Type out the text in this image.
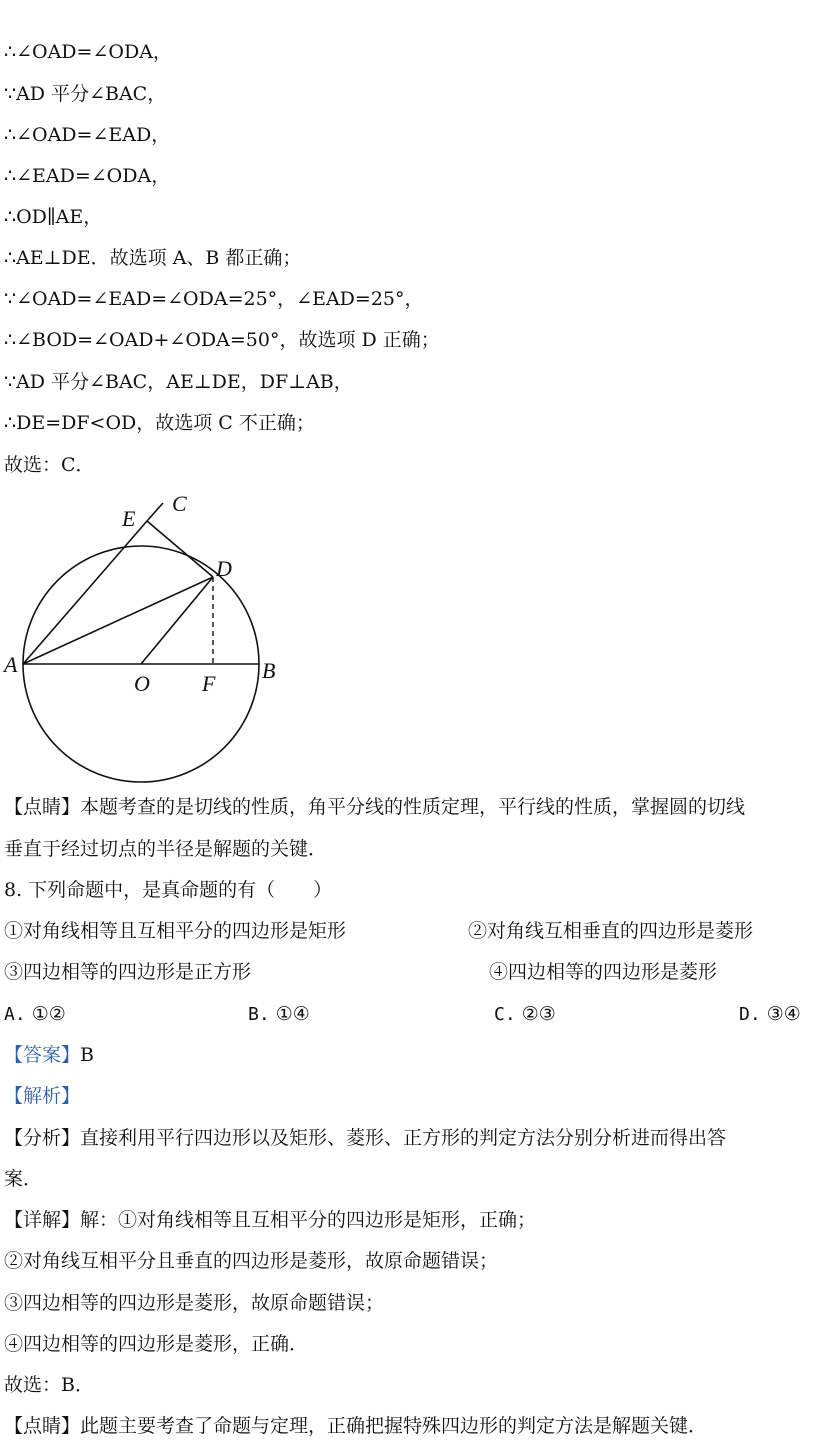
∴∠OAD=∠ODA，
∵AD 平分∠BAC，
∴∠OAD=∠EAD，
∴∠EAD=∠ODA，
∴OD∥AE，
∴AE⊥DE．故选项 A、B 都正确；
∵∠OAD=∠EAD=∠ODA=25°，∠EAD=25°，
∴∠BOD=∠OAD+∠ODA=50°，故选项 D 正确；
∵AD 平分∠BAC，AE⊥DE，DF⊥AB，
∴DE=DF<OD，故选项 C 不正确；
故选：C．
A	B
C
D
E
F
O
【点睛】本题考查的是切线的性质，角平分线的性质定理，平行线的性质，掌握圆的切线
垂直于经过切点的半径是解题的关键．
8. 下列命题中，是真命题的有（　　）
①对角线相等且互相平分的四边形是矩形	②对角线互相垂直的四边形是菱形
③四边相等的四边形是正方形	④四边相等的四边形是菱形
A. ①②	B. ①④	C. ②③	D. ③④
【答案】B
【解析】
【分析】直接利用平行四边形以及矩形、菱形、正方形的判定方法分别分析进而得出答
案．
【详解】解：①对角线相等且互相平分的四边形是矩形，正确；
②对角线互相平分且垂直的四边形是菱形，故原命题错误；
③四边相等的四边形是菱形，故原命题错误；
④四边相等的四边形是菱形，正确．
故选：B．
【点睛】此题主要考查了命题与定理，正确把握特殊四边形的判定方法是解题关键．
